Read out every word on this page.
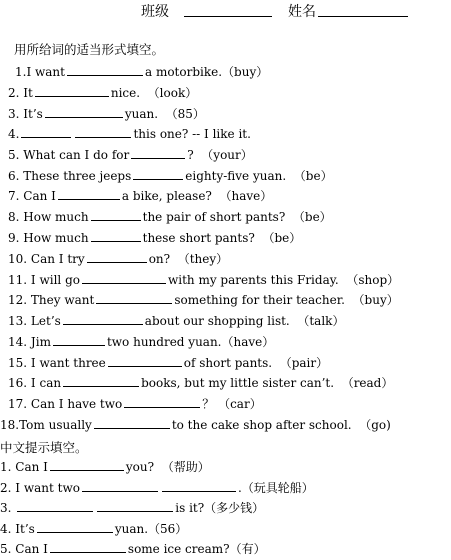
班级	姓名
用所给词的适当形式填空。
1.I want	a motorbike.（buy）
2. It	nice.  （look）
3. It’s	yuan.  （85）
4.	this one? -- I like it.
5. What can I do for	?  （your）
6. These three jeeps	eighty-five yuan.  （be）
7. Can I	a bike, please?  （have）
8. How much	the pair of short pants?  （be）
9. How much	these short pants?  （be）
10. Can I try	on?  （they）
11. I will go	with my parents this Friday.  （shop）
12. They want	something for their teacher.  （buy）
13. Let’s	about our shopping list.  （talk）
14. Jim	two hundred yuan.（have）
15. I want three	of short pants.  （pair）
16. I can	books, but my little sister can’t.  （read）
17. Can I have two	？ （car）
18.Tom usually	to the cake shop after school.  （go)
中文提示填空。
1. Can I	you?  （帮助）
2. I want two	.（玩具轮船）
3.	is it?（多少钱）
4. It’s	yuan.（56）
5. Can I	some ice cream?（有）
